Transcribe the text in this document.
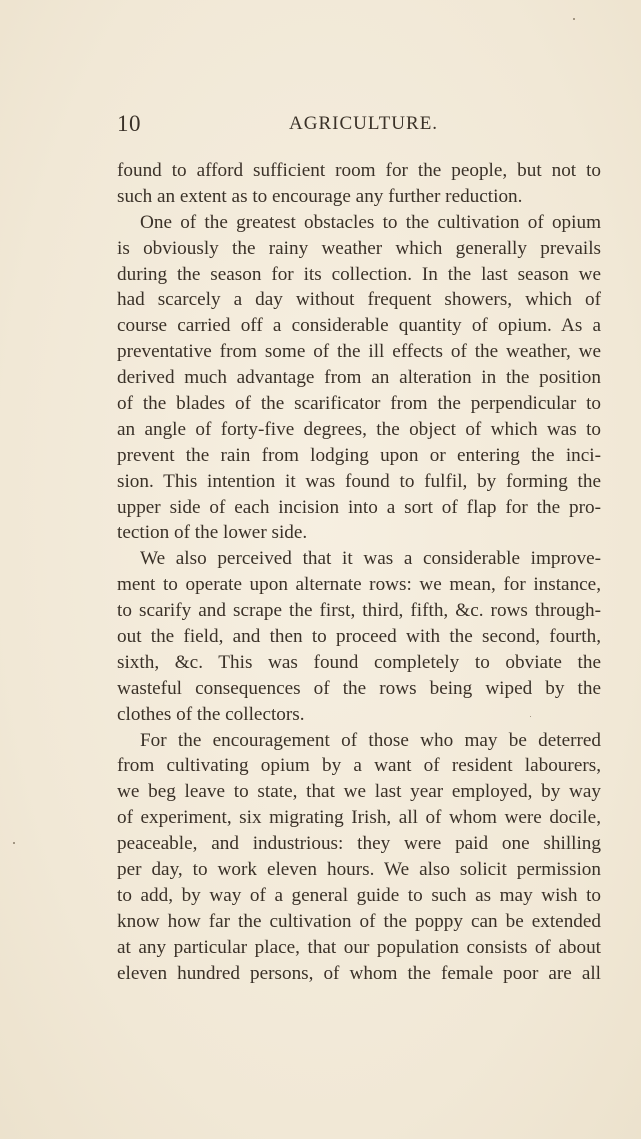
10	AGRICULTURE.
found to afford sufficient room for the people, but not to
such an extent as to encourage any further reduction.
One of the greatest obstacles to the cultivation of opium
is obviously the rainy weather which generally prevails
during the season for its collection. In the last season we
had scarcely a day without frequent showers, which of
course carried off a considerable quantity of opium. As a
preventative from some of the ill effects of the weather, we
derived much advantage from an alteration in the position
of the blades of the scarificator from the perpendicular to
an angle of forty-five degrees, the object of which was to
prevent the rain from lodging upon or entering the inci-
sion. This intention it was found to fulfil, by forming the
upper side of each incision into a sort of flap for the pro-
tection of the lower side.
We also perceived that it was a considerable improve-
ment to operate upon alternate rows: we mean, for instance,
to scarify and scrape the first, third, fifth, &c. rows through-
out the field, and then to proceed with the second, fourth,
sixth, &c. This was found completely to obviate the
wasteful consequences of the rows being wiped by the
clothes of the collectors.
For the encouragement of those who may be deterred
from cultivating opium by a want of resident labourers,
we beg leave to state, that we last year employed, by way
of experiment, six migrating Irish, all of whom were docile,
peaceable, and industrious: they were paid one shilling
per day, to work eleven hours. We also solicit permission
to add, by way of a general guide to such as may wish to
know how far the cultivation of the poppy can be extended
at any particular place, that our population consists of about
eleven hundred persons, of whom the female poor are all
